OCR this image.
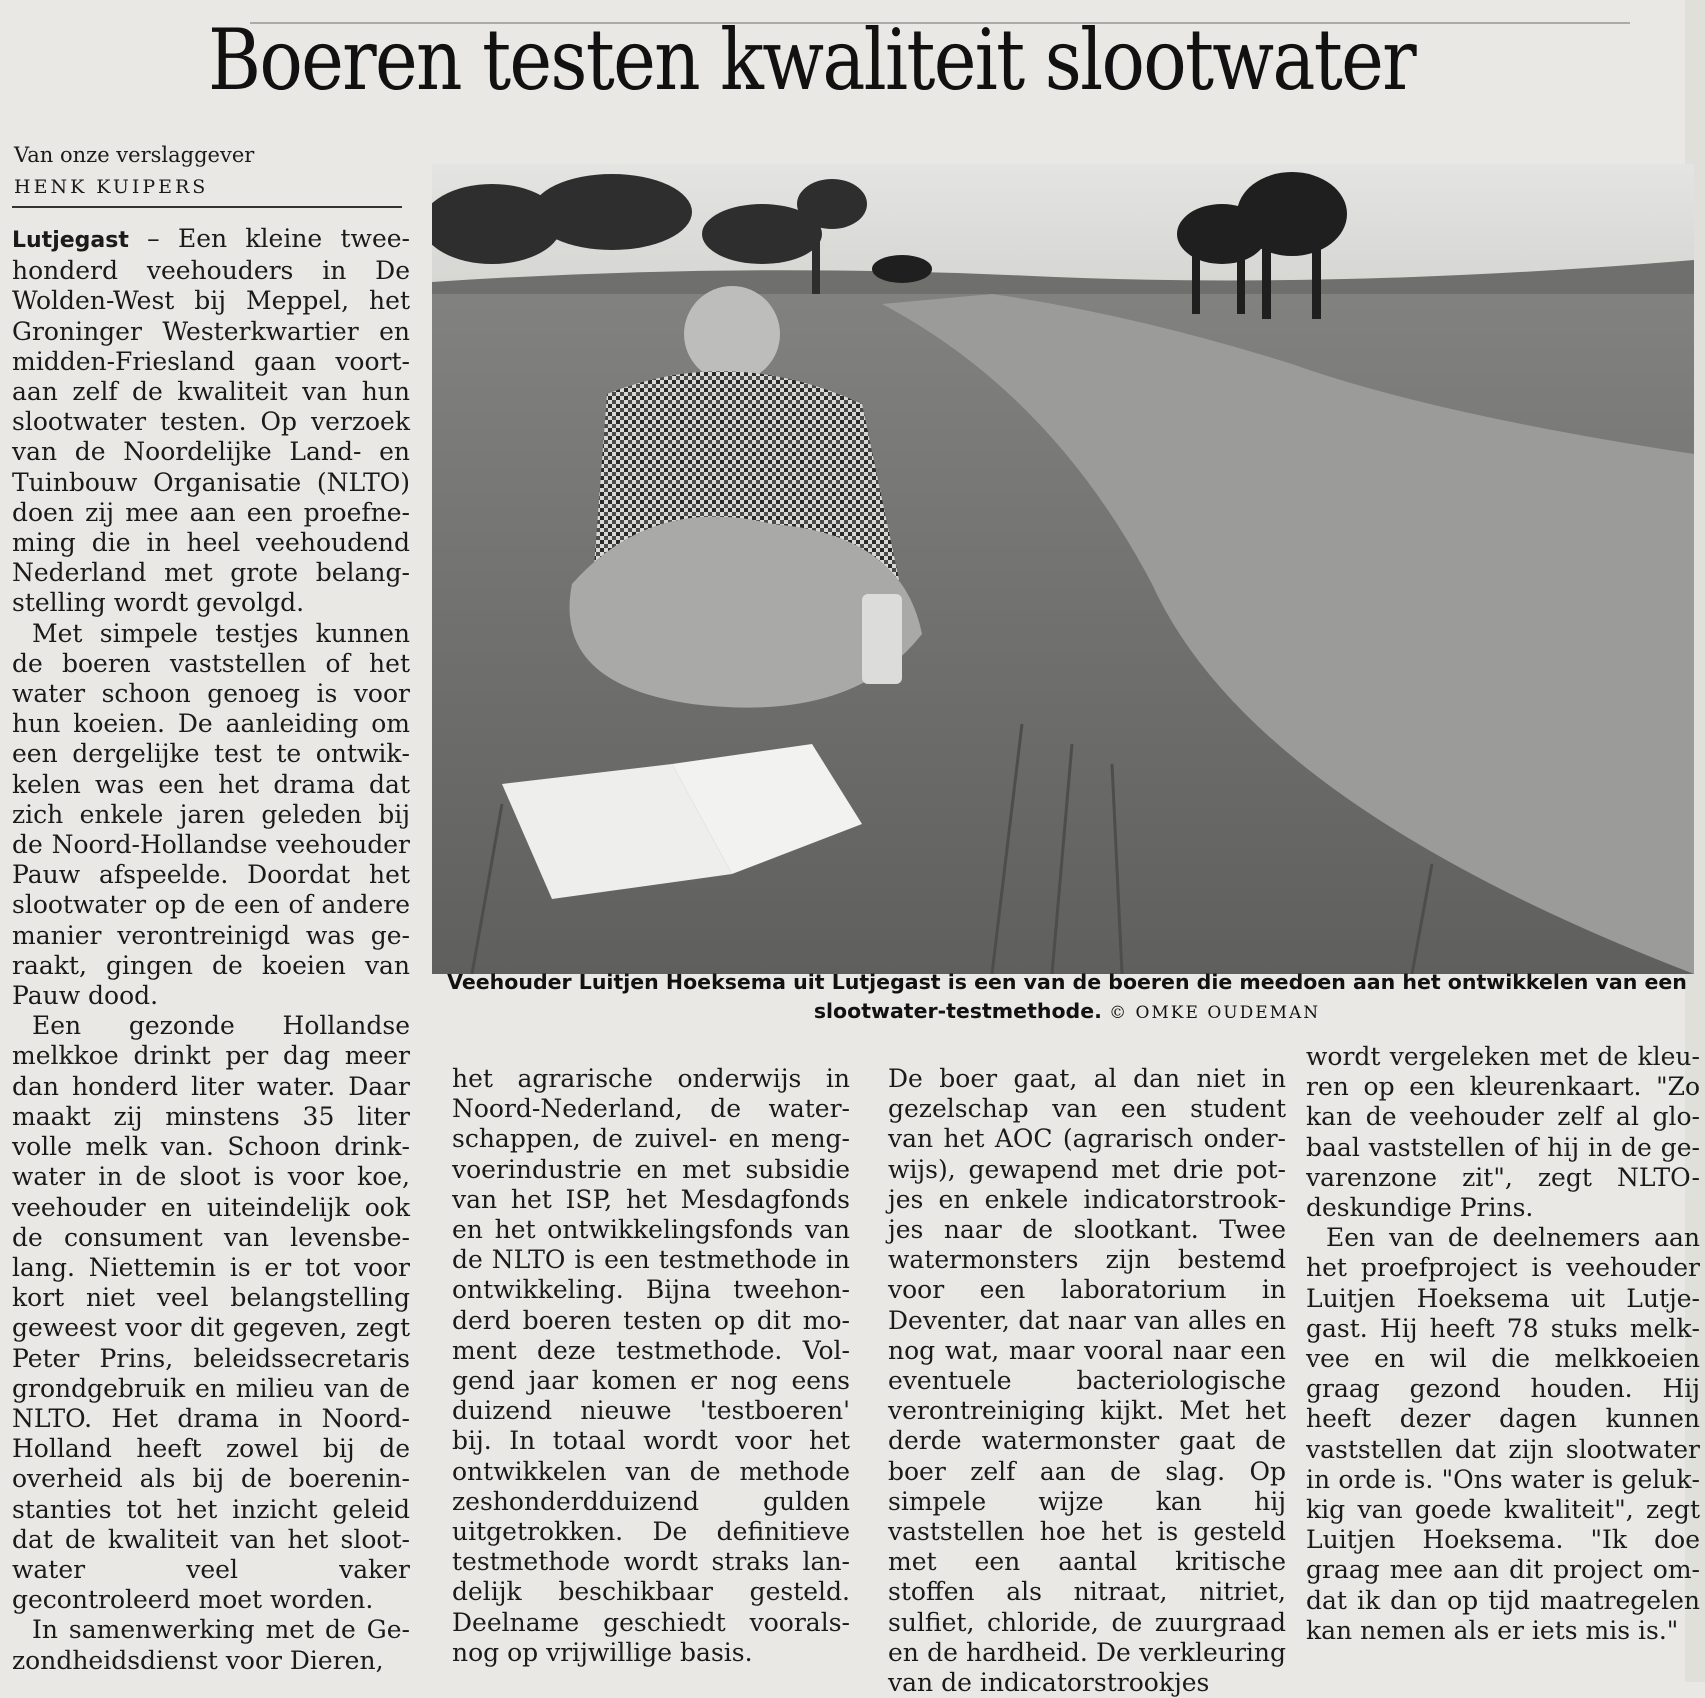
Boeren testen kwaliteit slootwater
Van onze verslaggever
HENK KUIPERS

Lutjegast – Een kleine tweehonderd veehouders in De Wolden-West bij Meppel, het Groninger Westerkwartier en midden-Friesland gaan voortaan zelf de kwaliteit van hun slootwater testen. Op verzoek van de Noordelijke Land- en Tuinbouw Organisatie (NLTO) doen zij mee aan een proefneming die in heel veehoudend Nederland met grote belangstelling wordt gevolgd.

Met simpele testjes kunnen de boeren vaststellen of het water schoon genoeg is voor hun koeien. De aanleiding om een dergelijke test te ontwikkelen was een het drama dat zich enkele jaren geleden bij de Noord-Hollandse veehouder Pauw afspeelde. Doordat het slootwater op de een of andere manier verontreinigd was geraakt, gingen de koeien van Pauw dood.

Een gezonde Hollandse melkkoe drinkt per dag meer dan honderd liter water. Daar maakt zij minstens 35 liter volle melk van. Schoon drinkwater in de sloot is voor koe, veehouder en uiteindelijk ook de consument van levensbelang. Niettemin is er tot voor kort niet veel belangstelling geweest voor dit gegeven, zegt Peter Prins, beleidssecretaris grondgebruik en milieu van de NLTO. Het drama in Noord-Holland heeft zowel bij de overheid als bij de boereninstanties tot het inzicht geleid dat de kwaliteit van het slootwater veel vaker gecontroleerd moet worden.

In samenwerking met de Gezondheidsdienst voor Dieren,

Veehouder Luitjen Hoeksema uit Lutjegast is een van de boeren die meedoen aan het ontwikkelen van een slootwater-testmethode. © OMKE OUDEMAN

het agrarische onderwijs in Noord-Nederland, de waterschappen, de zuivel- en mengvoerindustrie en met subsidie van het ISP, het Mesdagfonds en het ontwikkelingsfonds van de NLTO is een testmethode in ontwikkeling. Bijna tweehonderd boeren testen op dit moment deze testmethode. Volgend jaar komen er nog eens duizend nieuwe 'testboeren' bij. In totaal wordt voor het ontwikkelen van de methode zeshonderdduizend gulden uitgetrokken. De definitieve testmethode wordt straks landelijk beschikbaar gesteld. Deelname geschiedt vooralsnog op vrijwillige basis.

De boer gaat, al dan niet in gezelschap van een student van het AOC (agrarisch onderwijs), gewapend met drie potjes en enkele indicatorstrookjes naar de slootkant. Twee watermonsters zijn bestemd voor een laboratorium in Deventer, dat naar van alles en nog wat, maar vooral naar een eventuele bacteriologische verontreiniging kijkt. Met het derde watermonster gaat de boer zelf aan de slag. Op simpele wijze kan hij vaststellen hoe het is gesteld met een aantal kritische stoffen als nitraat, nitriet, sulfiet, chloride, de zuurgraad en de hardheid. De verkleuring van de indicatorstrookjes

wordt vergeleken met de kleuren op een kleurenkaart. "Zo kan de veehouder zelf al globaal vaststellen of hij in de gevarenzone zit", zegt NLTO-deskundige Prins.

Een van de deelnemers aan het proefproject is veehouder Luitjen Hoeksema uit Lutjegast. Hij heeft 78 stuks melkvee en wil die melkkoeien graag gezond houden. Hij heeft dezer dagen kunnen vaststellen dat zijn slootwater in orde is. "Ons water is gelukkig van goede kwaliteit", zegt Luitjen Hoeksema. "Ik doe graag mee aan dit project omdat ik dan op tijd maatregelen kan nemen als er iets mis is."
